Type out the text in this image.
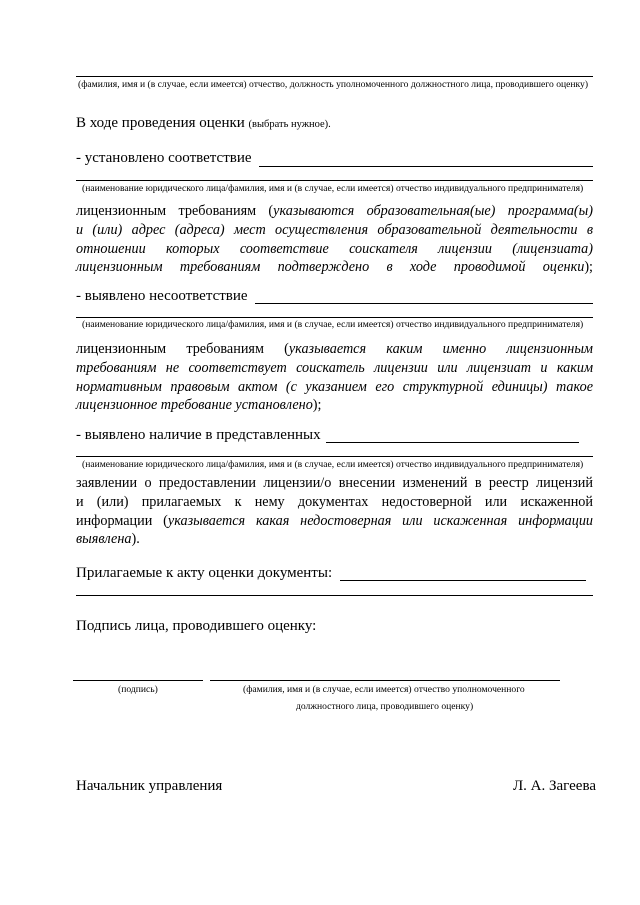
(фамилия, имя и (в случае, если имеется) отчество, должность уполномоченного должностного лица, проводившего оценку)
В ходе проведения оценки (выбрать нужное).
- установлено соответствие
(наименование юридического лица/фамилия, имя и (в случае, если имеется) отчество индивидуального предпринимателя)
лицензионным требованиям (указываются образовательная(ые) программа(ы)
и (или) адрес (адреса) мест осуществления образовательной деятельности в
отношении которых соответствие соискателя лицензии (лицензиата)
лицензионным требованиям подтверждено в ходе проводимой оценки);
- выявлено несоответствие
(наименование юридического лица/фамилия, имя и (в случае, если имеется) отчество индивидуального предпринимателя)
лицензионным требованиям (указывается каким именно лицензионным
требованиям не соответствует соискатель лицензии или лицензиат и каким
нормативным правовым актом (с указанием его структурной единицы) такое
лицензионное требование установлено);
- выявлено наличие в представленных
(наименование юридического лица/фамилия, имя и (в случае, если имеется) отчество индивидуального предпринимателя)
заявлении о предоставлении лицензии/о внесении изменений в реестр лицензий
и (или) прилагаемых к нему документах недостоверной или искаженной
информации (указывается какая недостоверная или искаженная информации
выявлена).
Прилагаемые к акту оценки документы:
Подпись лица, проводившего оценку:
(подпись)	(фамилия, имя и (в случае, если имеется) отчество уполномоченного
должностного лица, проводившего оценку)
Начальник управления	Л. А. Загеева
